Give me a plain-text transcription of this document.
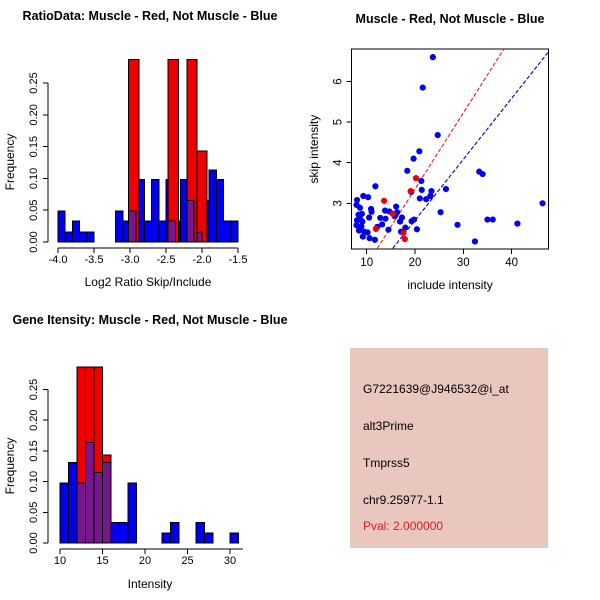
0.00
0.05
0.10
0.15
0.20
0.25
Frequency
-4.0 -3.5 -3.0 -2.5 -2.0 -1.5
Log2 Ratio Skip/Include
RatioData: Muscle - Red, Not Muscle - Blue
10	20	30	40
include intensity
3
4
5
6
skip intensity
Muscle - Red, Not Muscle - Blue
0.00
0.05
0.10
0.15
0.20
0.25
Frequency
10	15	20	25	30
Intensity
Gene Itensity: Muscle - Red, Not Muscle - Blue
G7221639@J946532@i_at
alt3Prime
Tmprss5
chr9.25977-1.1
Pval: 2.000000
